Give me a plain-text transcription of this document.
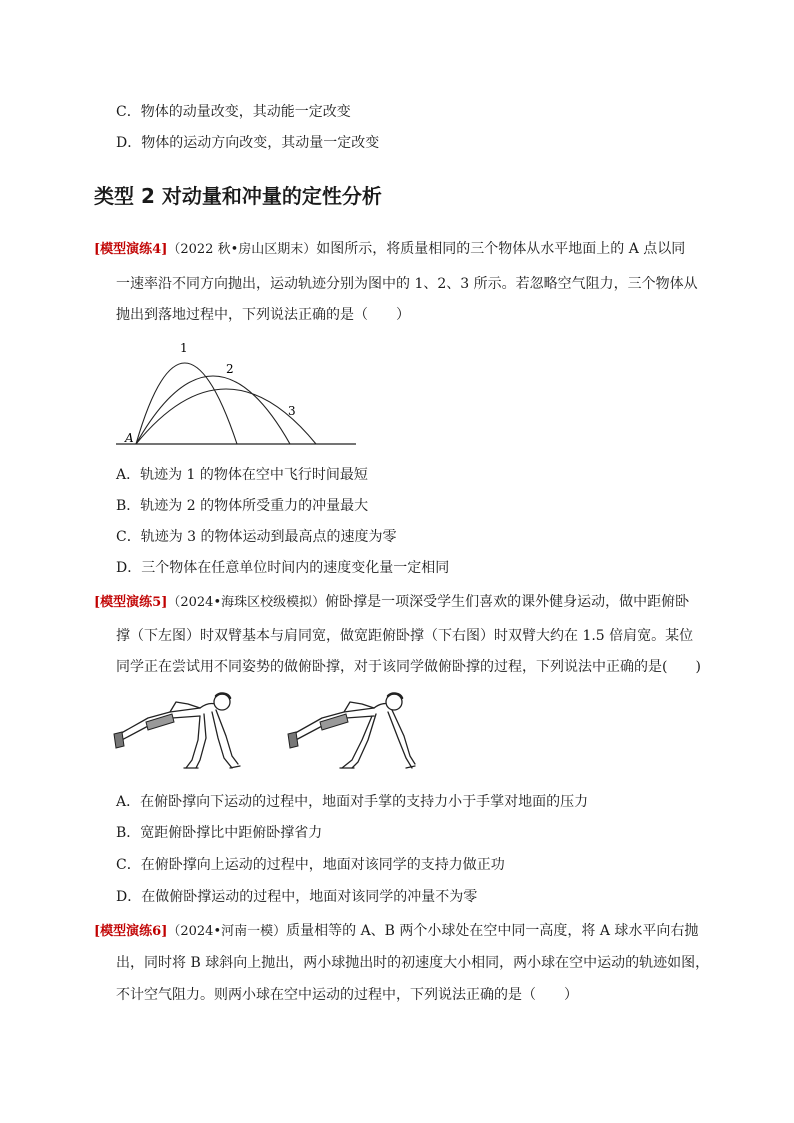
C．物体的动量改变，其动能一定改变
D．物体的运动方向改变，其动量一定改变
类型 2 对动量和冲量的定性分析
[模型演练4]（2022 秋•房山区期末）如图所示，将质量相同的三个物体从水平地面上的 A 点以同
一速率沿不同方向抛出，运动轨迹分别为图中的 1、2、3 所示。若忽略空气阻力，三个物体从
抛出到落地过程中，下列说法正确的是（　　）
A
1
2
3
A．轨迹为 1 的物体在空中飞行时间最短
B．轨迹为 2 的物体所受重力的冲量最大
C．轨迹为 3 的物体运动到最高点的速度为零
D．三个物体在任意单位时间内的速度变化量一定相同
[模型演练5]（2024•海珠区校级模拟）俯卧撑是一项深受学生们喜欢的课外健身运动，做中距俯卧
撑（下左图）时双臂基本与肩同宽，做宽距俯卧撑（下右图）时双臂大约在 1.5 倍肩宽。某位
同学正在尝试用不同姿势的做俯卧撑，对于该同学做俯卧撑的过程，下列说法中正确的是(　　)
A．在俯卧撑向下运动的过程中，地面对手掌的支持力小于手掌对地面的压力
B．宽距俯卧撑比中距俯卧撑省力
C．在俯卧撑向上运动的过程中，地面对该同学的支持力做正功
D．在做俯卧撑运动的过程中，地面对该同学的冲量不为零
[模型演练6]（2024•河南一模）质量相等的 A、B 两个小球处在空中同一高度，将 A 球水平向右抛
出，同时将 B 球斜向上抛出，两小球抛出时的初速度大小相同，两小球在空中运动的轨迹如图，
不计空气阻力。则两小球在空中运动的过程中，下列说法正确的是（　　）
